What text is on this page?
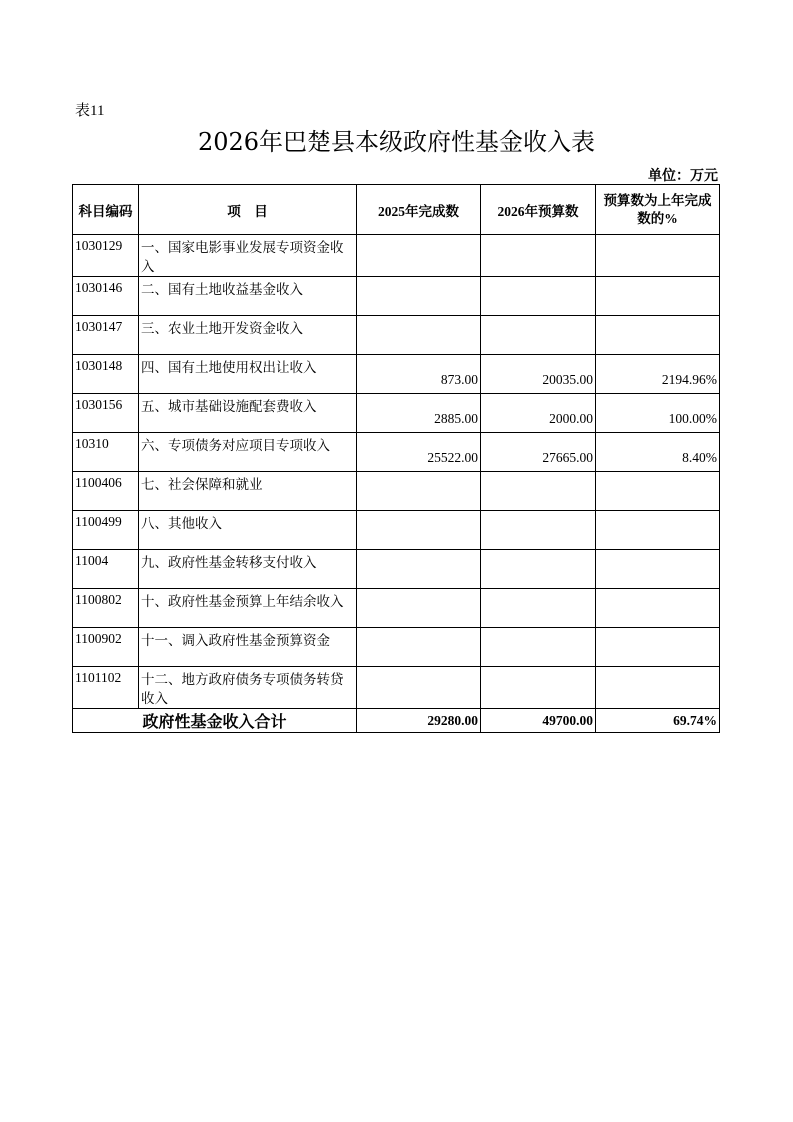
表11
2026年巴楚县本级政府性基金收入表
单位：万元
科目编码	项　目	2025年完成数	2026年预算数	预算数为上年完成数的%
1030129	一、国家电影事业发展专项资金收入			
1030146	二、国有土地收益基金收入			
1030147	三、农业土地开发资金收入			
1030148	四、国有土地使用权出让收入	873.00	20035.00	2194.96%
1030156	五、城市基础设施配套费收入	2885.00	2000.00	100.00%
10310	六、专项债务对应项目专项收入	25522.00	27665.00	8.40%
1100406	七、社会保障和就业			
1100499	八、其他收入			
11004	九、政府性基金转移支付收入			
1100802	十、政府性基金预算上年结余收入			
1100902	十一、调入政府性基金预算资金			
1101102	十二、地方政府债务专项债务转贷收入			
政府性基金收入合计		29280.00	49700.00	69.74%
